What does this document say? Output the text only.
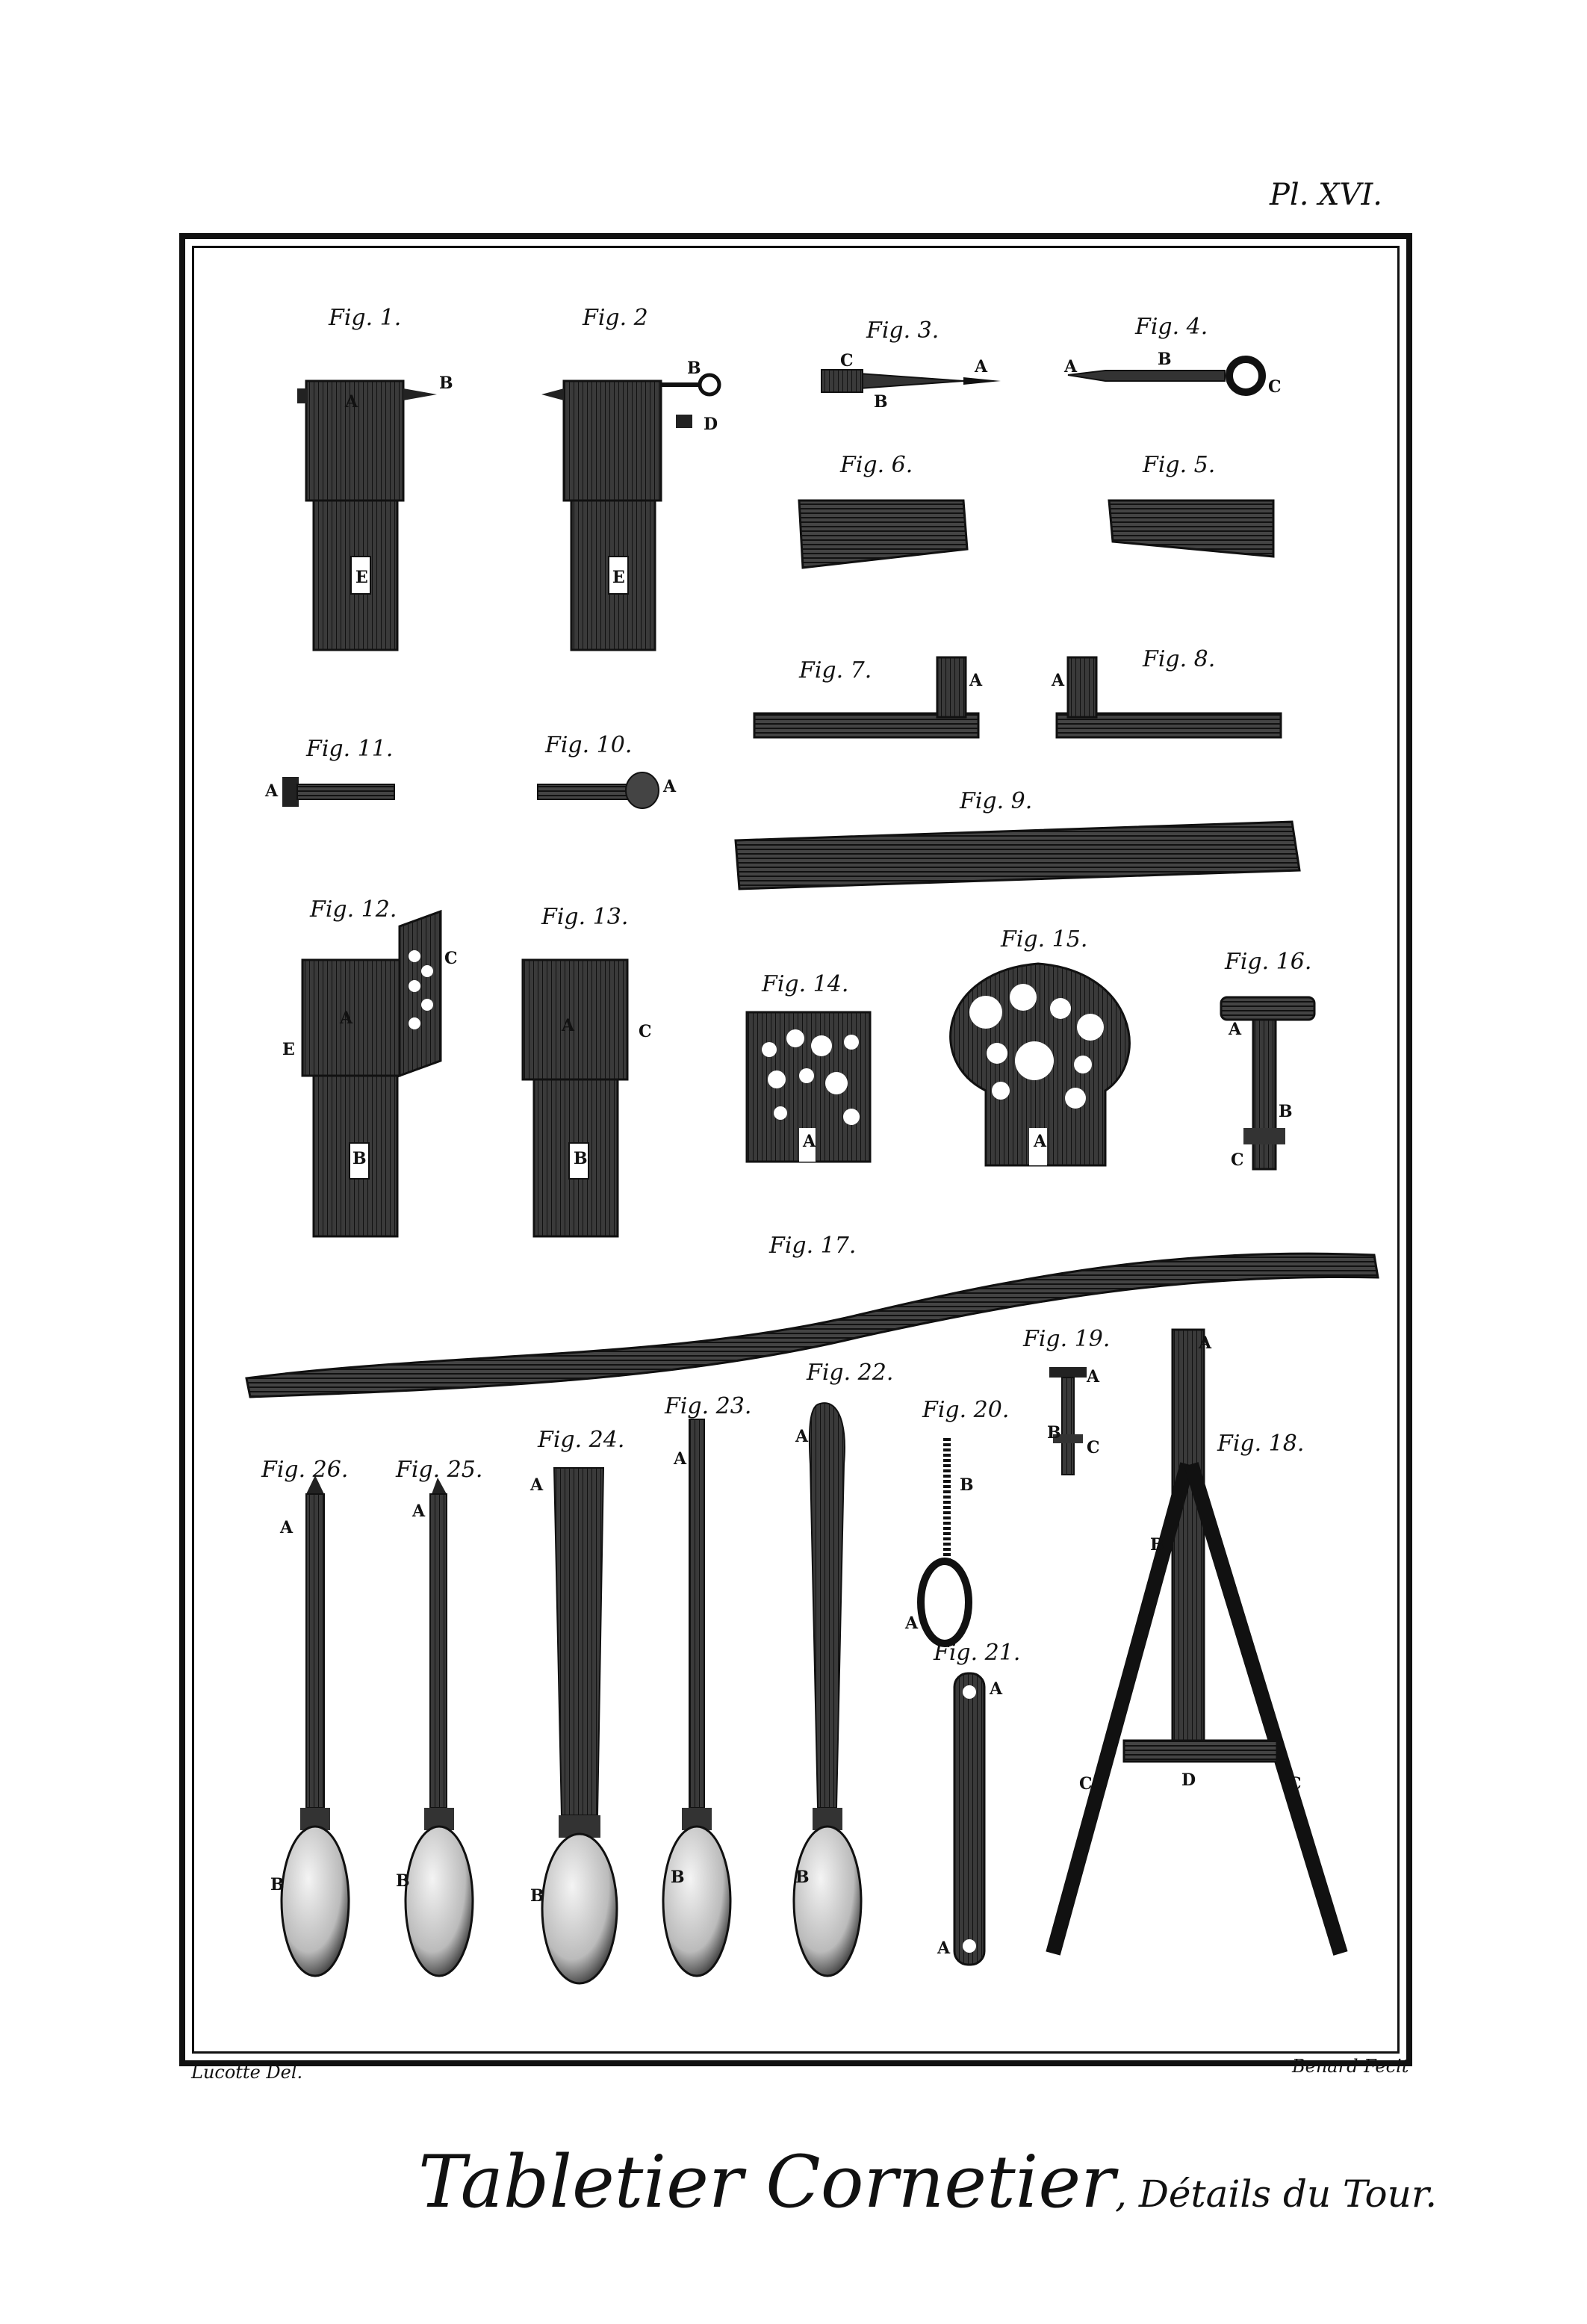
Pl. XVI.
Fig. 1.	Fig. 2	Fig. 3.	Fig. 4.
Fig. 5.
Fig. 6.
Fig. 7.	Fig. 8.
Fig. 9.
Fig. 10.
Fig. 11.
Fig. 12.	Fig. 13.
Fig. 14.
Fig. 15.
Fig. 16.
Fig. 17.
Fig. 18.
Fig. 19.
Fig. 20.
Fig. 21.
Fig. 22.
Fig. 23.
Fig. 24.
Fig. 25.
Fig. 26.
A
B
E
B
D
E
C	A
B
A	B
C
A	A
A	A
A
C
E
B
A	C
B
A	A
A
B
C
A
B
C	D	C
A
B
C
B
A
A
A
A
B
A
B
A
B
A
B
A
B
Lucotte Del.	Benard Fecit
Tabletier Cornetier, Détails du Tour.
